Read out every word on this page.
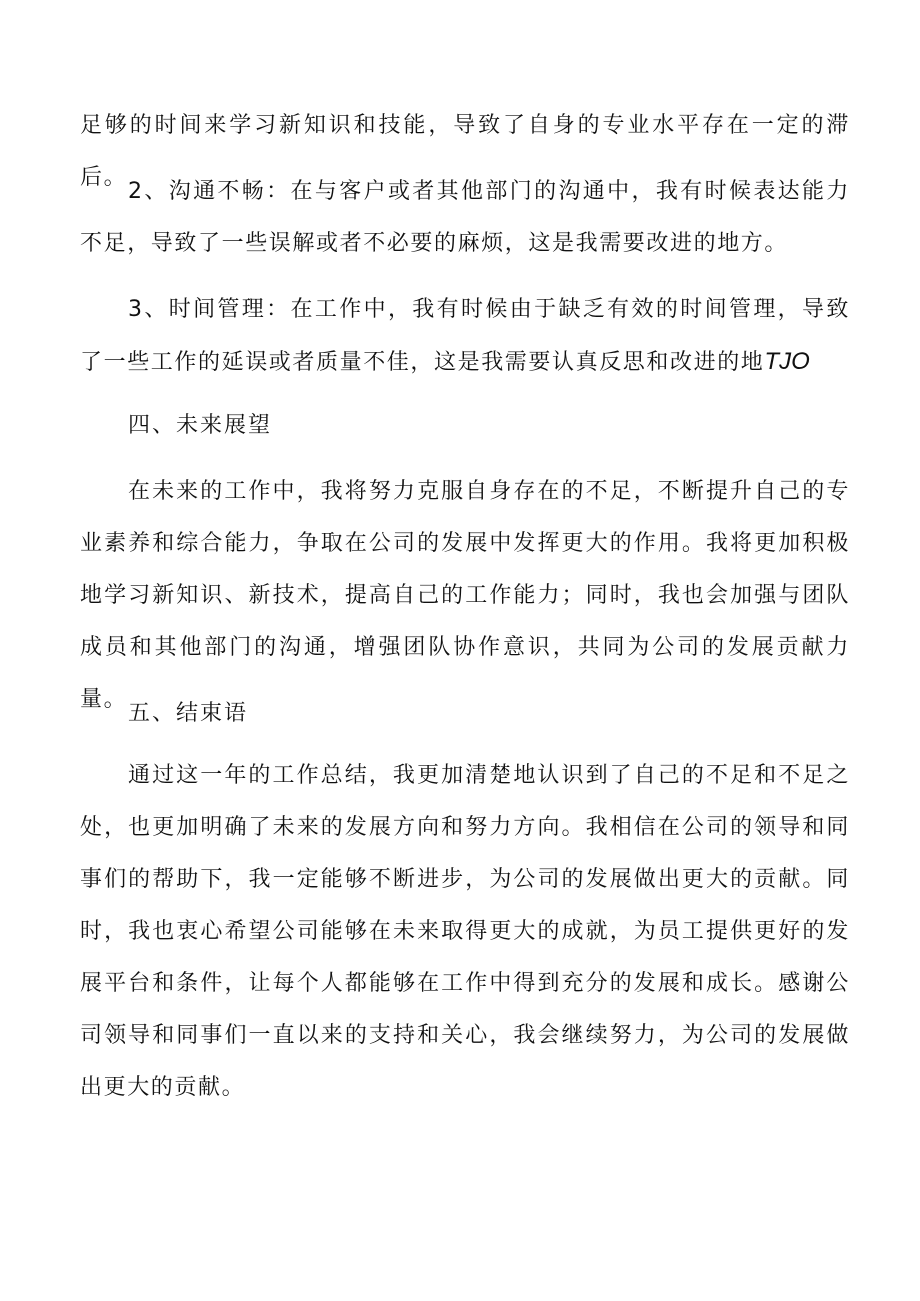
足够的时间来学习新知识和技能，导致了自身的专业水平存在一定的滞后。

2、沟通不畅：在与客户或者其他部门的沟通中，我有时候表达能力不足，导致了一些误解或者不必要的麻烦，这是我需要改进的地方。

3、时间管理：在工作中，我有时候由于缺乏有效的时间管理，导致了一些工作的延误或者质量不佳，这是我需要认真反思和改进的地TJO

四、未来展望

在未来的工作中，我将努力克服自身存在的不足，不断提升自己的专业素养和综合能力，争取在公司的发展中发挥更大的作用。我将更加积极地学习新知识、新技术，提高自己的工作能力；同时，我也会加强与团队成员和其他部门的沟通，增强团队协作意识，共同为公司的发展贡献力量。

五、结束语

通过这一年的工作总结，我更加清楚地认识到了自己的不足和不足之处，也更加明确了未来的发展方向和努力方向。我相信在公司的领导和同事们的帮助下，我一定能够不断进步，为公司的发展做出更大的贡献。同时，我也衷心希望公司能够在未来取得更大的成就，为员工提供更好的发展平台和条件，让每个人都能够在工作中得到充分的发展和成长。感谢公司领导和同事们一直以来的支持和关心，我会继续努力，为公司的发展做出更大的贡献。
